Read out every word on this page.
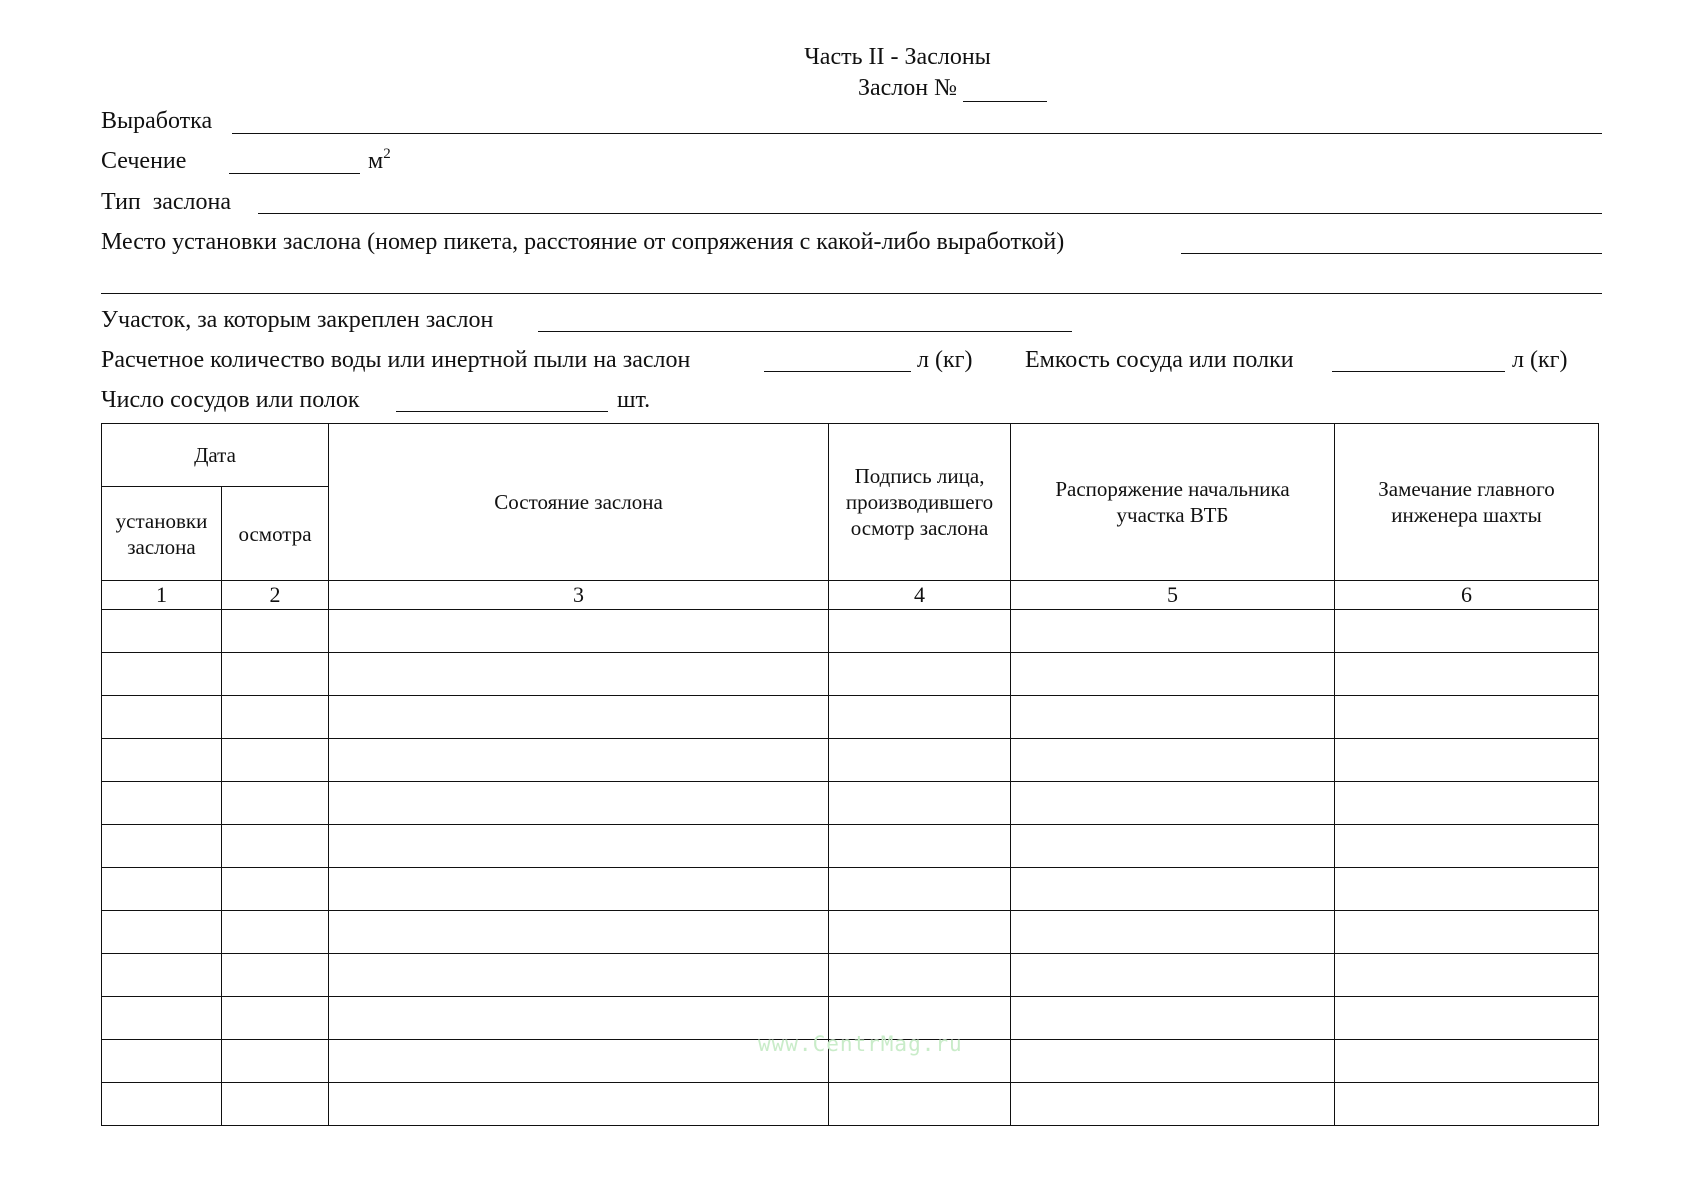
Часть II - Заслоны
Заслон №
Выработка
Сечение	$м^2$
Тип  заслона
Место установки заслона (номер пикета, расстояние от сопряжения с какой-либо выработкой)
Участок, за которым закреплен заслон
Расчетное количество воды или инертной пыли на заслон	л (кг) Емкость сосуда или полки	л (кг)
Число сосудов или полок	шт.
Дата		Состояние заслона	Подпись лица, производившего осмотр заслона	Распоряжение начальника участка ВТБ	Замечание главного инженера шахты
установки заслона	осмотра				
1	2	3	4	5	6

www.CentrMag.ru
